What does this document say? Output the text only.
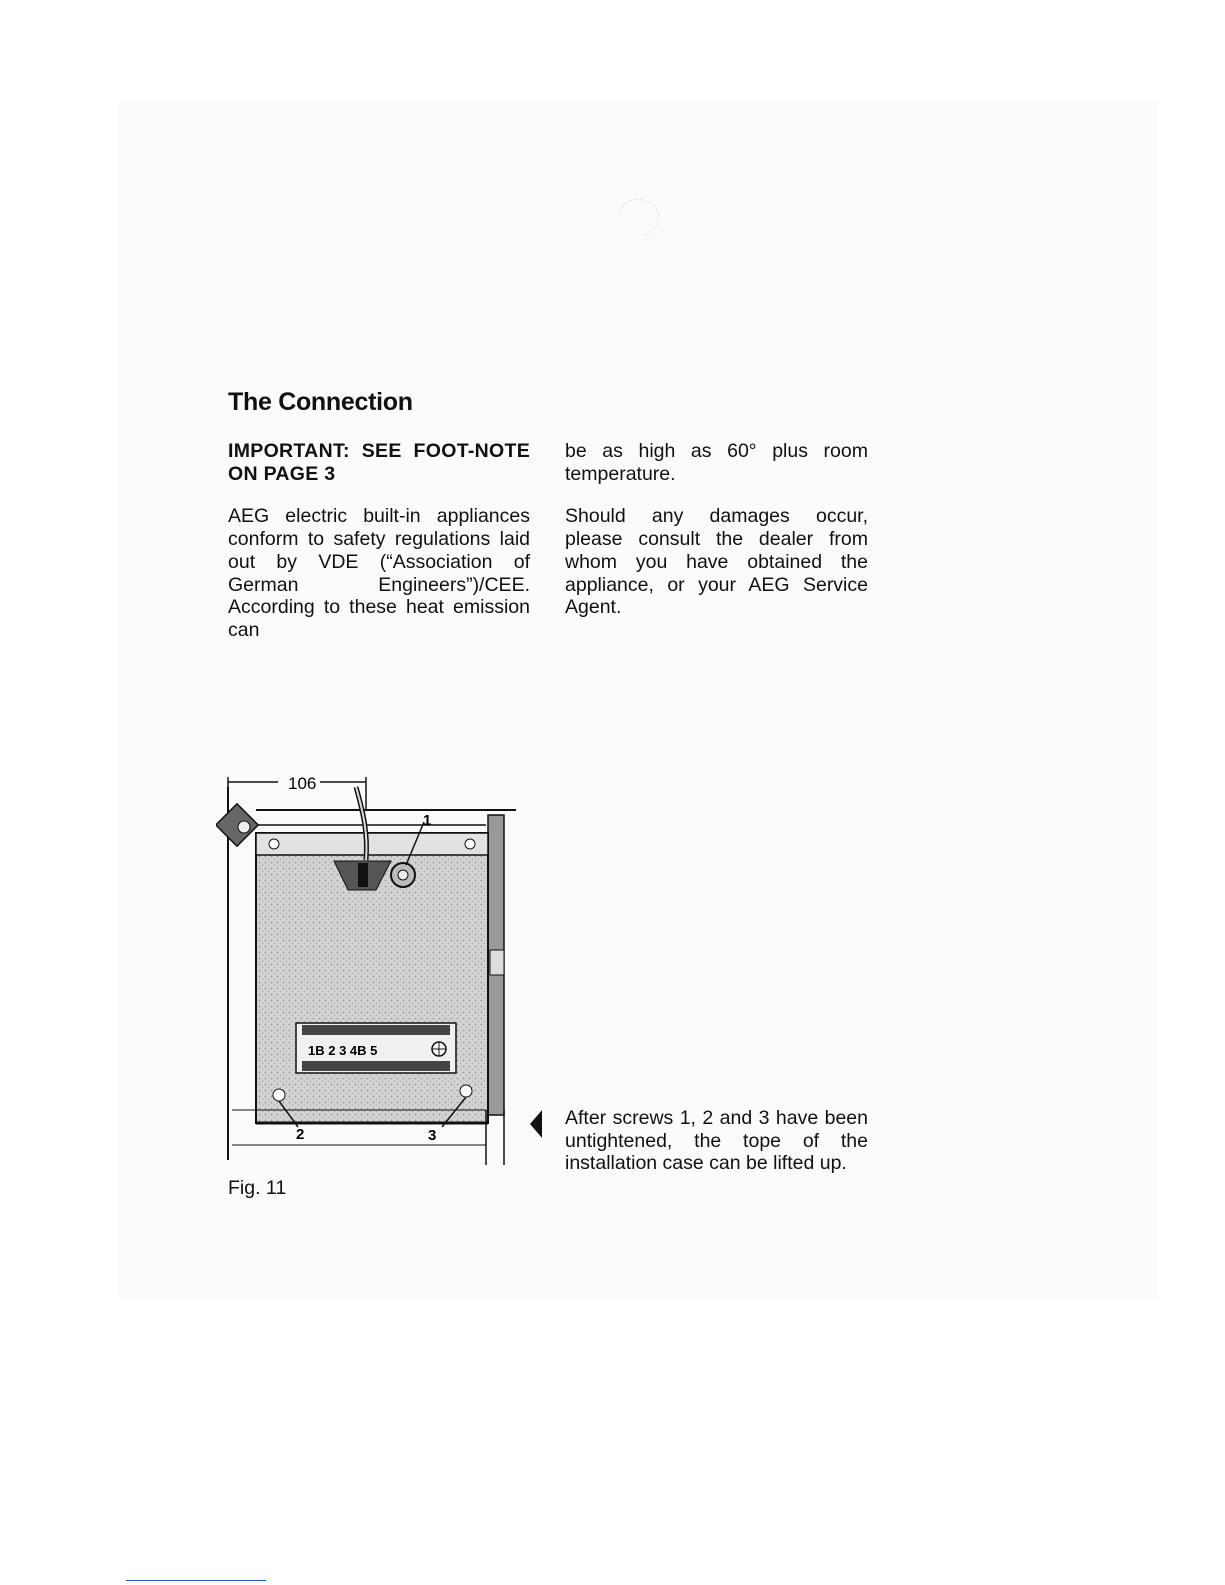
The Connection

IMPORTANT: SEE FOOT-NOTE ON PAGE 3

AEG electric built-in appliances conform to safety regulations laid out by VDE (“Association of German Engineers”)/CEE. According to these heat emission can

be as high as 60° plus room temperature.

Should any damages occur, please consult the dealer from whom you have obtained the appliance, or your AEG Service Agent.

106
1
1B 2 3 4B 5
2	3
Fig. 11

After screws 1, 2 and 3 have been untightened, the tope of the installation case can be lifted up.
